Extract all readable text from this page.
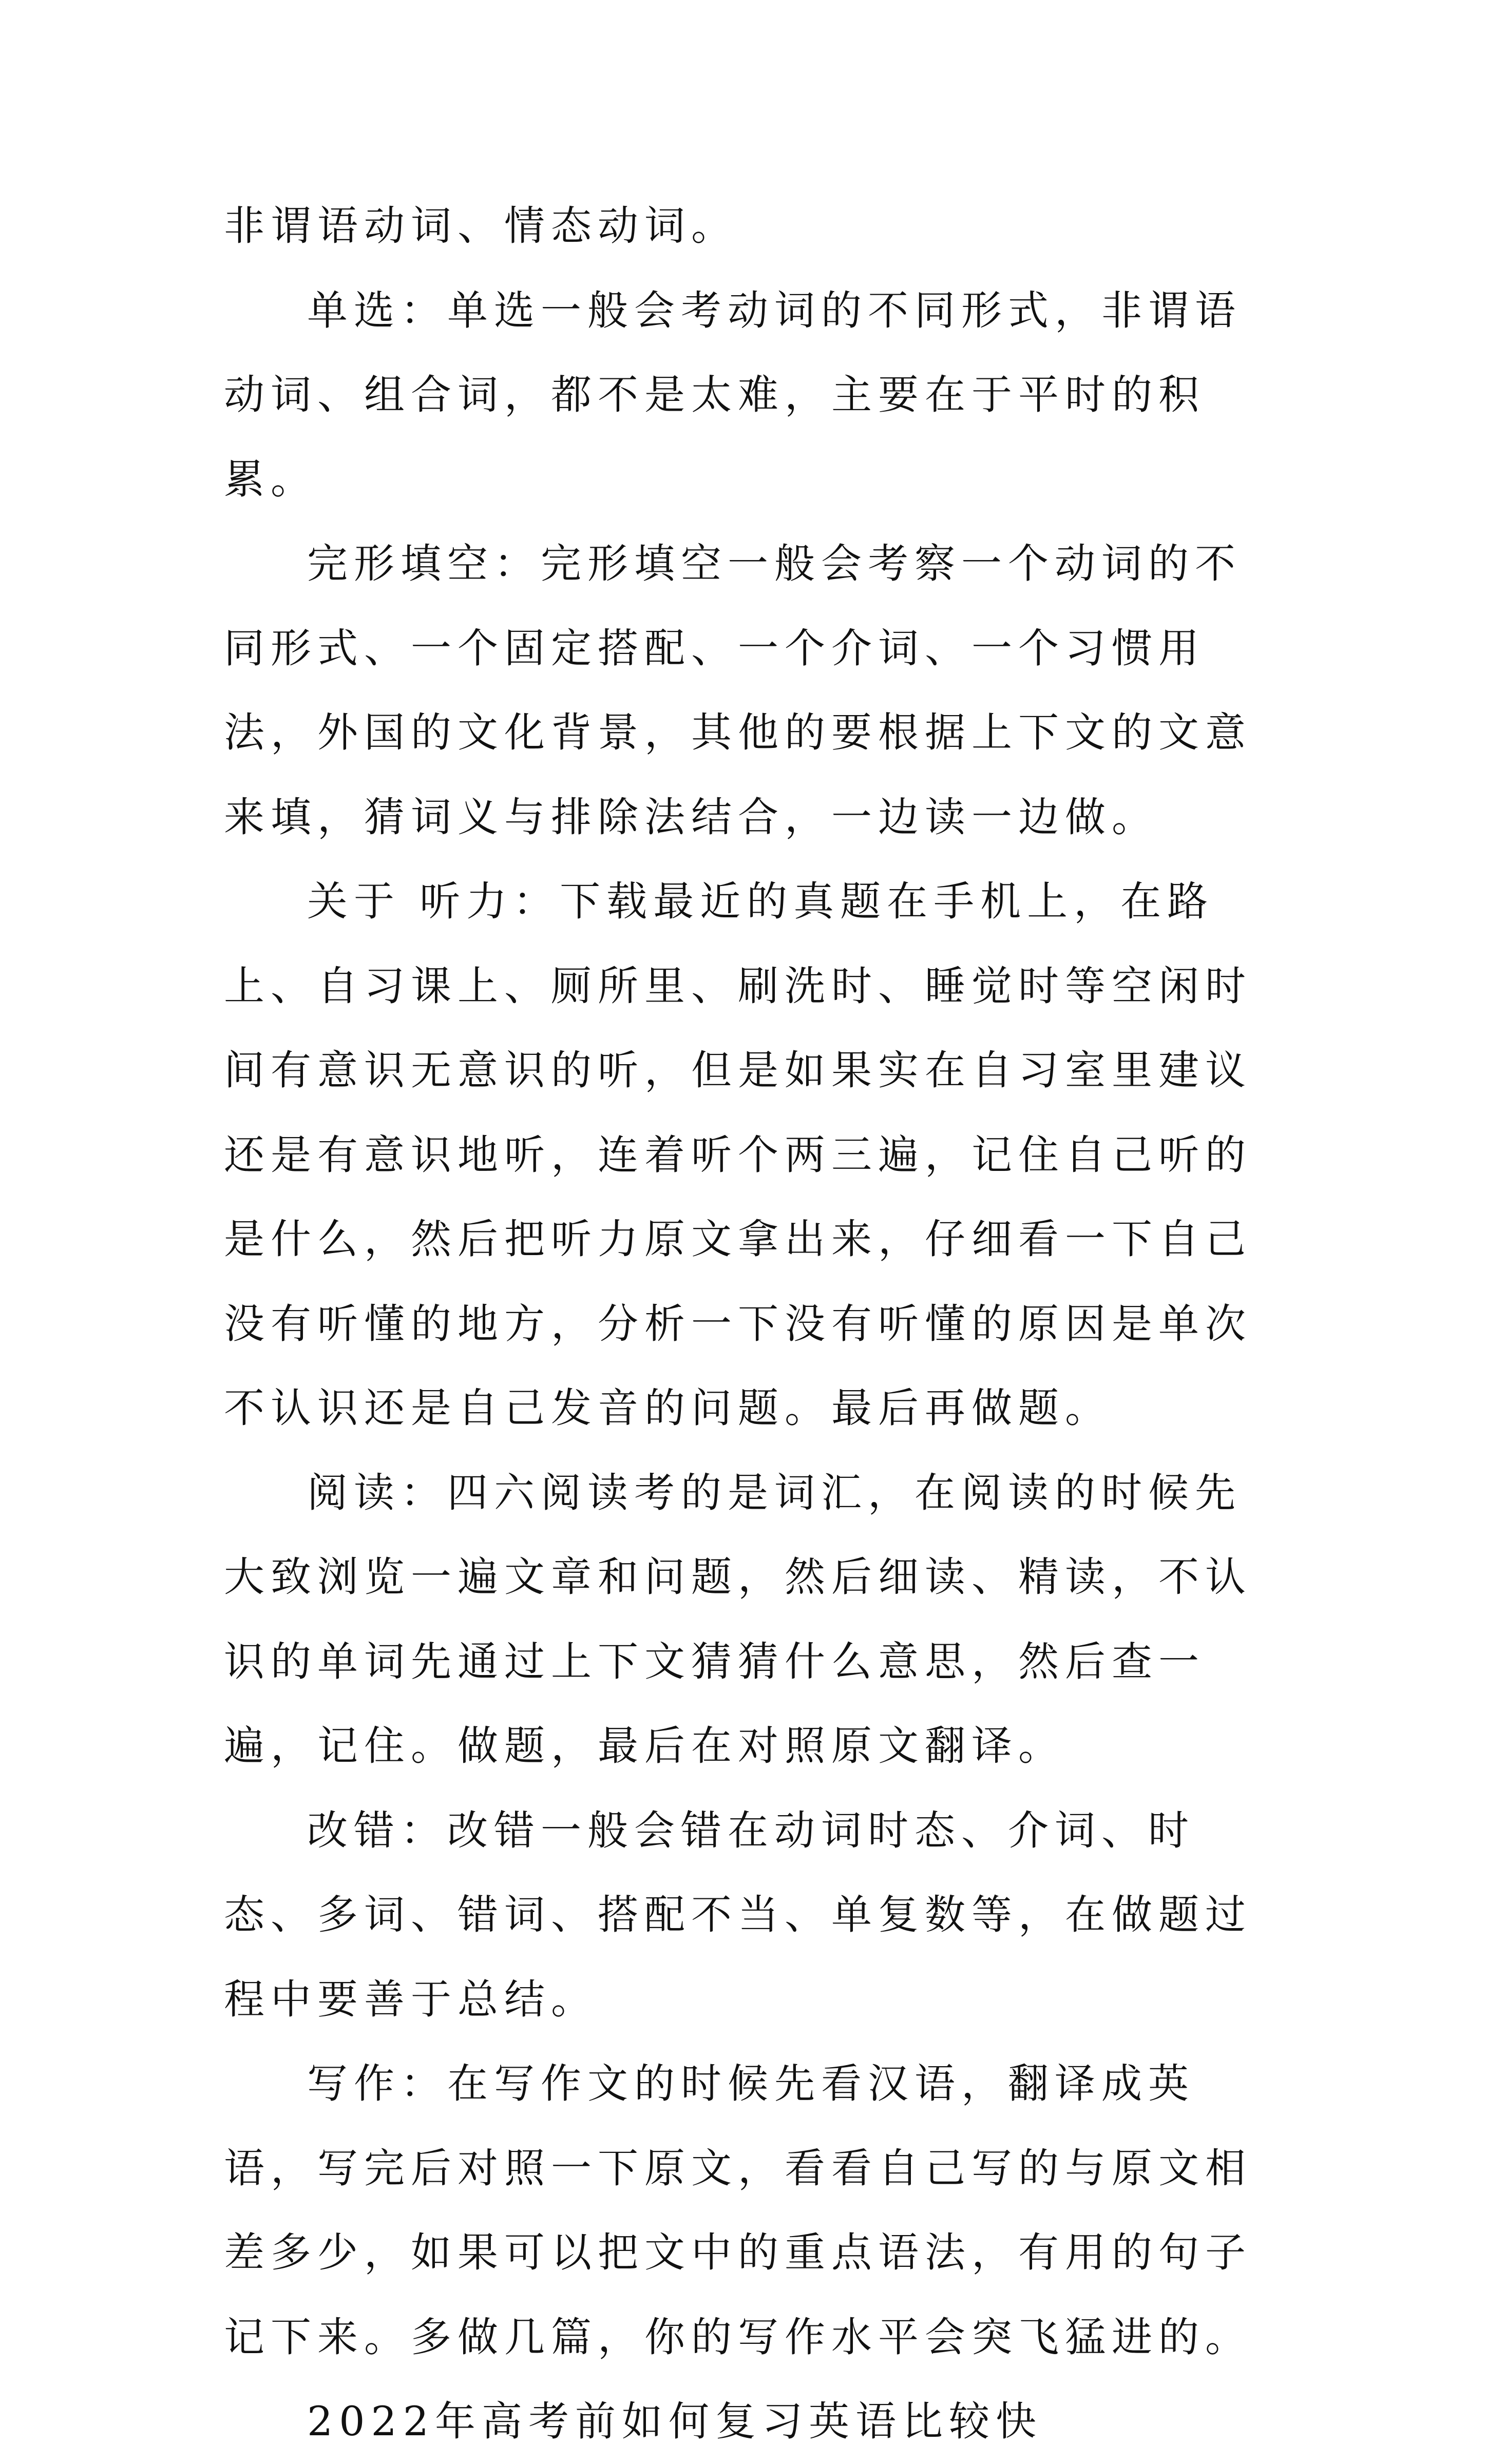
非谓语动词、情态动词。

单选：单选一般会考动词的不同形式，非谓语动词、组合词，都不是太难，主要在于平时的积累。

完形填空：完形填空一般会考察一个动词的不同形式、一个固定搭配、一个介词、一个习惯用法，外国的文化背景，其他的要根据上下文的文意来填，猜词义与排除法结合，一边读一边做。

关于 听力：下载最近的真题在手机上，在路上、自习课上、厕所里、刷洗时、睡觉时等空闲时间有意识无意识的听，但是如果实在自习室里建议还是有意识地听，连着听个两三遍，记住自己听的是什么，然后把听力原文拿出来，仔细看一下自己没有听懂的地方，分析一下没有听懂的原因是单次不认识还是自己发音的问题。最后再做题。

阅读：四六阅读考的是词汇，在阅读的时候先大致浏览一遍文章和问题，然后细读、精读，不认识的单词先通过上下文猜猜什么意思，然后查一遍，记住。做题，最后在对照原文翻译。

改错：改错一般会错在动词时态、介词、时态、多词、错词、搭配不当、单复数等，在做题过程中要善于总结。

写作：在写作文的时候先看汉语，翻译成英语，写完后对照一下原文，看看自己写的与原文相差多少，如果可以把文中的重点语法，有用的句子记下来。多做几篇，你的写作水平会突飞猛进的。

2022年高考前如何复习英语比较快
